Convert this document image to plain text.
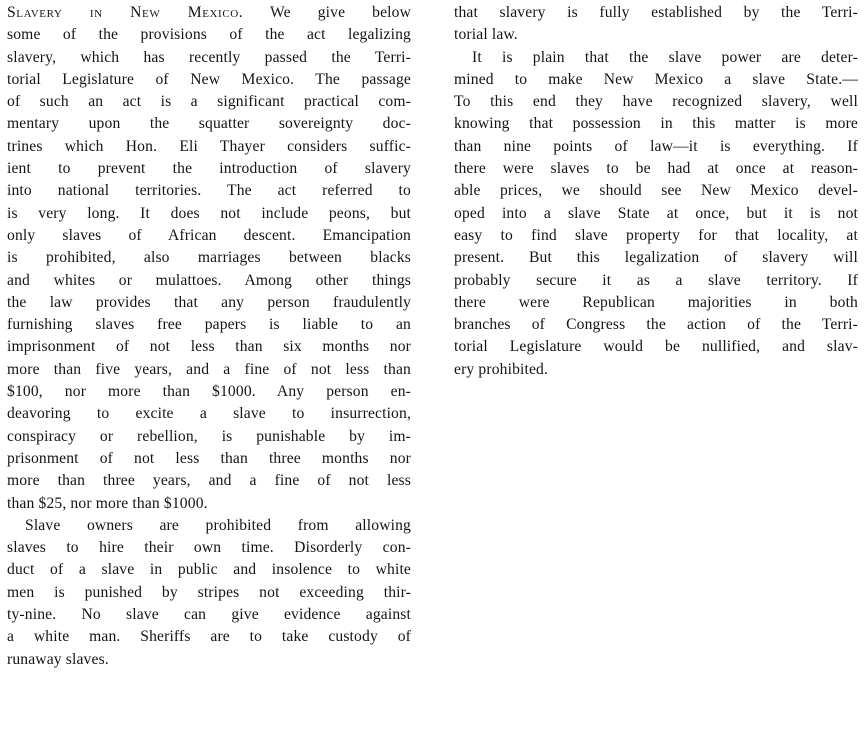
Slavery in New Mexico. We give below
some of the provisions of the act legalizing
slavery, which has recently passed the Terri-
torial Legislature of New Mexico. The passage
of such an act is a significant practical com-
mentary upon the squatter sovereignty doc-
trines which Hon. Eli Thayer considers suffic-
ient to prevent the introduction of slavery
into national territories. The act referred to
is very long. It does not include peons, but
only slaves of African descent. Emancipation
is prohibited, also marriages between blacks
and whites or mulattoes. Among other things
the law provides that any person fraudulently
furnishing slaves free papers is liable to an
imprisonment of not less than six months nor
more than five years, and a fine of not less than
$100, nor more than $1000. Any person en-
deavoring to excite a slave to insurrection,
conspiracy or rebellion, is punishable by im-
prisonment of not less than three months nor
more than three years, and a fine of not less
than $25, nor more than $1000.
Slave owners are prohibited from allowing
slaves to hire their own time. Disorderly con-
duct of a slave in public and insolence to white
men is punished by stripes not exceeding thir-
ty-nine. No slave can give evidence against
a white man. Sheriffs are to take custody of
runaway slaves.
that slavery is fully established by the Terri-
torial law.
It is plain that the slave power are deter-
mined to make New Mexico a slave State.—
To this end they have recognized slavery, well
knowing that possession in this matter is more
than nine points of law—it is everything. If
there were slaves to be had at once at reason-
able prices, we should see New Mexico devel-
oped into a slave State at once, but it is not
easy to find slave property for that locality, at
present. But this legalization of slavery will
probably secure it as a slave territory. If
there were Republican majorities in both
branches of Congress the action of the Terri-
torial Legislature would be nullified, and slav-
ery prohibited.
